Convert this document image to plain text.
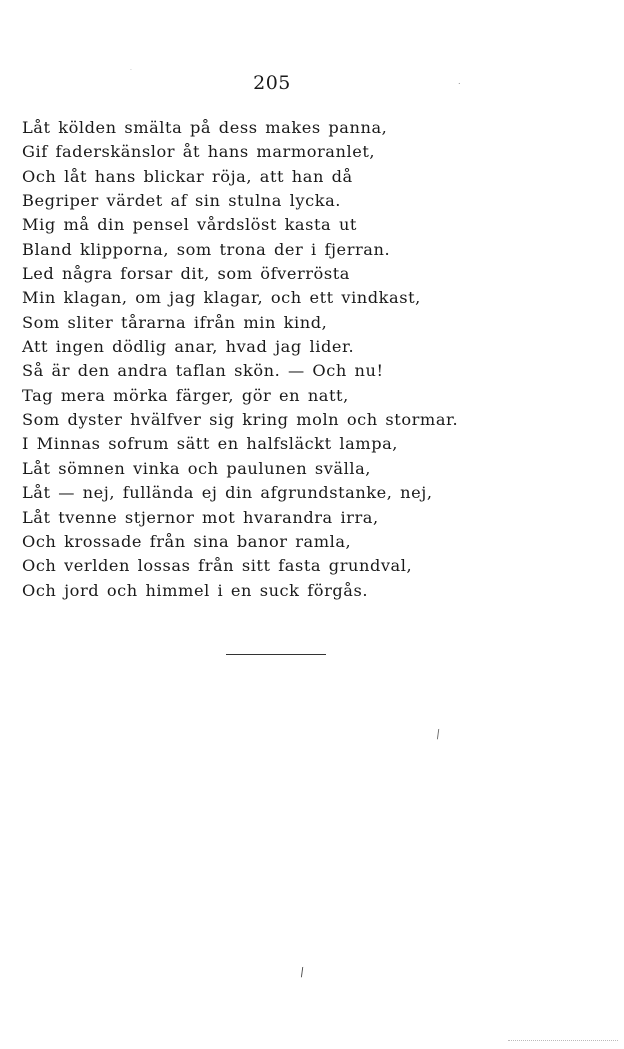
205
Låt kölden smälta på dess makes panna,
Gif faderskänslor åt hans marmoranlet,
Och låt hans blickar röja, att han då
Begriper värdet af sin stulna lycka.
Mig må din pensel vårdslöst kasta ut
Bland klipporna, som trona der i fjerran.
Led några forsar dit, som öfverrösta
Min klagan, om jag klagar, och ett vindkast,
Som sliter tårarna ifrån min kind,
Att ingen dödlig anar, hvad jag lider.
Så är den andra taflan skön. — Och nu!
Tag mera mörka färger, gör en natt,
Som dyster hvälfver sig kring moln och stormar.
I Minnas sofrum sätt en halfsläckt lampa,
Låt sömnen vinka och paulunen svälla,
Låt — nej, fullända ej din afgrundstanke, nej,
Låt tvenne stjernor mot hvarandra irra,
Och krossade från sina banor ramla,
Och verlden lossas från sitt fasta grundval,
Och jord och himmel i en suck förgås.
/
/
.
.
